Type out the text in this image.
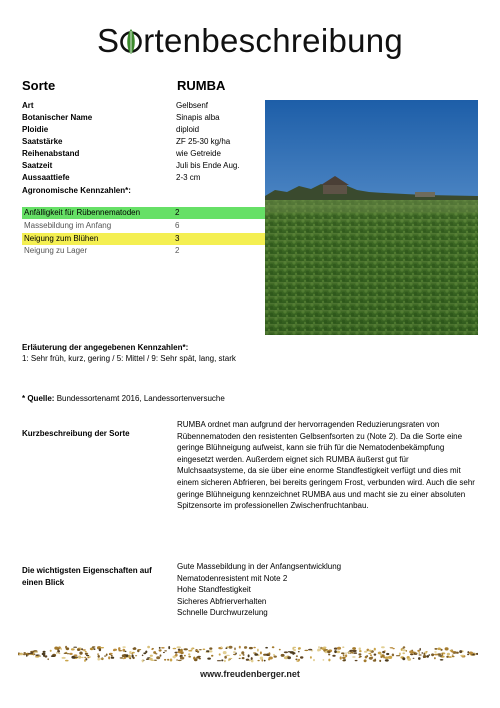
S rtenbeschreibung
Sorte	RUMBA
Art	Gelbsenf
Botanischer Name	Sinapis alba
Ploidie	diploid
Saatstärke	ZF 25-30 kg/ha
Reihenabstand	wie Getreide
Saatzeit	Juli bis Ende Aug.
Aussaattiefe	2-3 cm
Agronomische Kennzahlen*:
Anfälligkeit für Rübennematoden	2
Massebildung im Anfang	6
Neigung zum Blühen	3
Neigung zu Lager	2
Erläuterung der angegebenen Kennzahlen*:
1: Sehr früh, kurz, gering / 5: Mittel / 9: Sehr spät, lang, stark
* Quelle: Bundessortenamt 2016, Landessortenversuche
Kurzbeschreibung der Sorte
RUMBA ordnet man aufgrund der hervorragenden Reduzierungsraten von Rübennematoden den resistenten Gelbsenfsorten zu (Note 2). Da die Sorte eine geringe Blühneigung aufweist, kann sie früh für die Nematodenbekämpfung eingesetzt werden. Außerdem eignet sich RUMBA äußerst gut für Mulchsaatsysteme, da sie über eine enorme Standfestigkeit verfügt und dies mit einem sicheren Abfrieren, bei bereits geringem Frost, verbunden wird. Auch die sehr geringe Blühneigung kennzeichnet RUMBA aus und macht sie zu einer absoluten Spitzensorte im professionellen Zwischenfruchtanbau.
Die wichtigsten Eigenschaften auf
einen Blick
Gute Massebildung in der Anfangsentwicklung
Nematodenresistent mit Note 2
Hohe Standfestigkeit
Sicheres Abfrierverhalten
Schnelle Durchwurzelung
www.freudenberger.net
